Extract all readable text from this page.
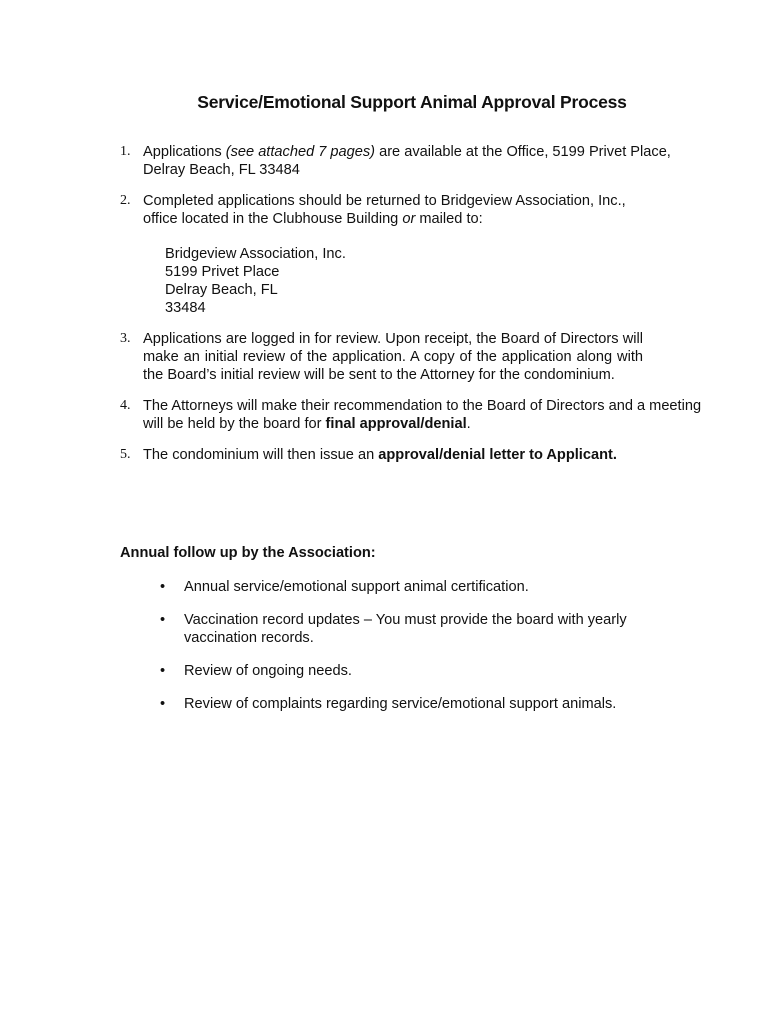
Service/Emotional Support Animal Approval Process
1. Applications (see attached 7 pages) are available at the Office, 5199 Privet Place, Delray Beach, FL 33484
2. Completed applications should be returned to Bridgeview Association, Inc., office located in the Clubhouse Building or mailed to:
Bridgeview Association, Inc.
5199 Privet Place
Delray Beach, FL
33484
3. Applications are logged in for review. Upon receipt, the Board of Directors will make an initial review of the application. A copy of the application along with the Board’s initial review will be sent to the Attorney for the condominium.
4. The Attorneys will make their recommendation to the Board of Directors and a meeting will be held by the board for final approval/denial.
5. The condominium will then issue an approval/denial letter to Applicant.
Annual follow up by the Association:
• Annual service/emotional support animal certification.
• Vaccination record updates – You must provide the board with yearly vaccination records.
• Review of ongoing needs.
• Review of complaints regarding service/emotional support animals.
